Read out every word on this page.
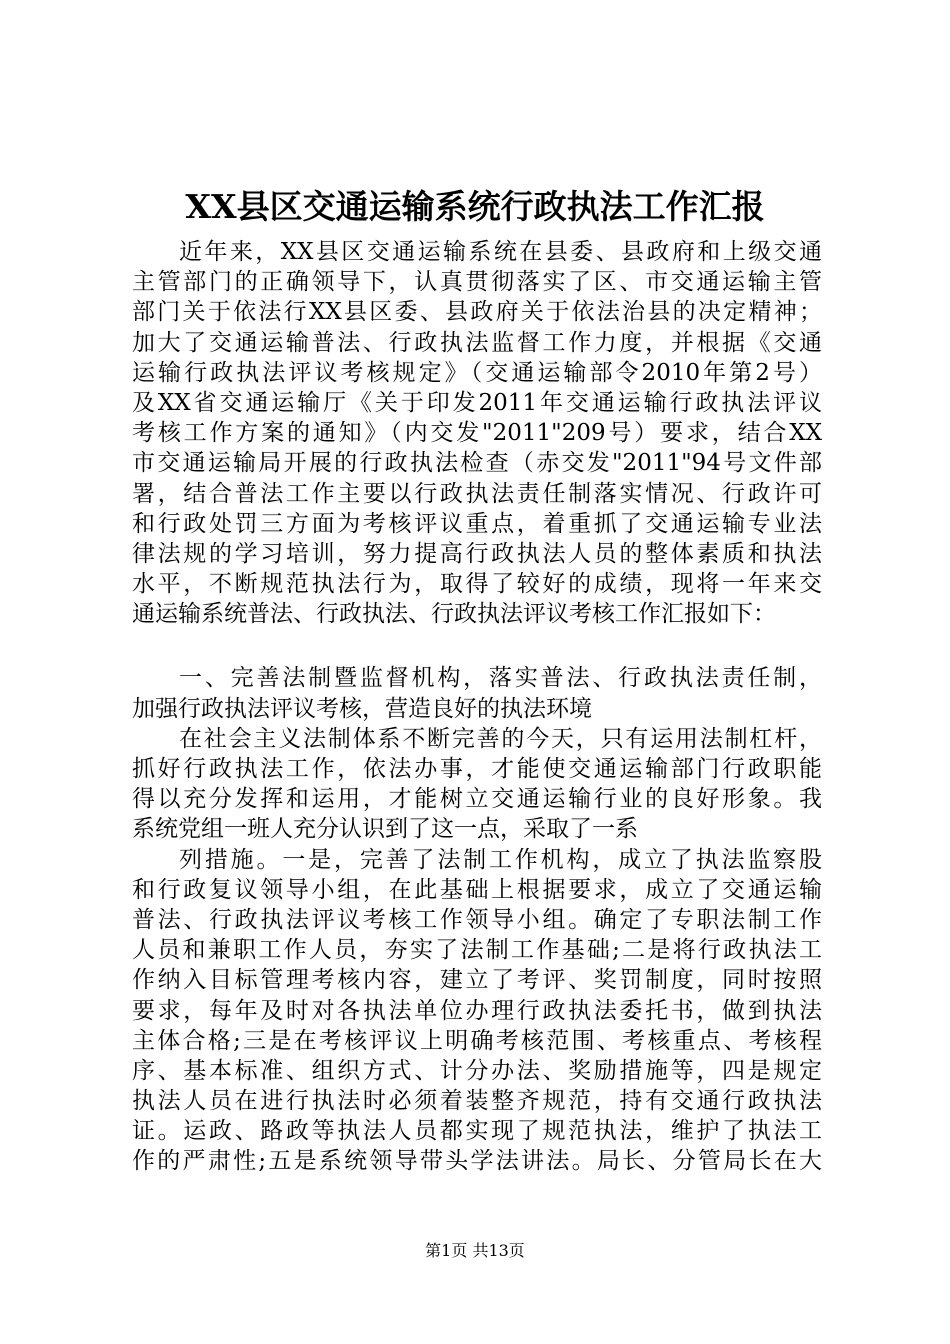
XX县区交通运输系统行政执法工作汇报
近年来，XX县区交通运输系统在县委、县政府和上级交通
主管部门的正确领导下，认真贯彻落实了区、市交通运输主管
部门关于依法行XX县区委、县政府关于依法治县的决定精神；
加大了交通运输普法、行政执法监督工作力度，并根据《交通
运输行政执法评议考核规定》（交通运输部令2010年第2号）
及XX省交通运输厅《关于印发2011年交通运输行政执法评议
考核工作方案的通知》（内交发"2011"209号）要求，结合XX
市交通运输局开展的行政执法检查（赤交发"2011"94号文件部
署，结合普法工作主要以行政执法责任制落实情况、行政许可
和行政处罚三方面为考核评议重点，着重抓了交通运输专业法
律法规的学习培训，努力提高行政执法人员的整体素质和执法
水平，不断规范执法行为，取得了较好的成绩，现将一年来交
通运输系统普法、行政执法、行政执法评议考核工作汇报如下：
一、完善法制暨监督机构，落实普法、行政执法责任制，
加强行政执法评议考核，营造良好的执法环境
在社会主义法制体系不断完善的今天，只有运用法制杠杆，
抓好行政执法工作，依法办事，才能使交通运输部门行政职能
得以充分发挥和运用，才能树立交通运输行业的良好形象。我
系统党组一班人充分认识到了这一点，采取了一系
列措施。一是，完善了法制工作机构，成立了执法监察股
和行政复议领导小组，在此基础上根据要求，成立了交通运输
普法、行政执法评议考核工作领导小组。确定了专职法制工作
人员和兼职工作人员，夯实了法制工作基础;二是将行政执法工
作纳入目标管理考核内容，建立了考评、奖罚制度，同时按照
要求，每年及时对各执法单位办理行政执法委托书，做到执法
主体合格;三是在考核评议上明确考核范围、考核重点、考核程
序、基本标准、组织方式、计分办法、奖励措施等，四是规定
执法人员在进行执法时必须着装整齐规范，持有交通行政执法
证。运政、路政等执法人员都实现了规范执法，维护了执法工
作的严肃性;五是系统领导带头学法讲法。局长、分管局长在大
第1页 共13页
